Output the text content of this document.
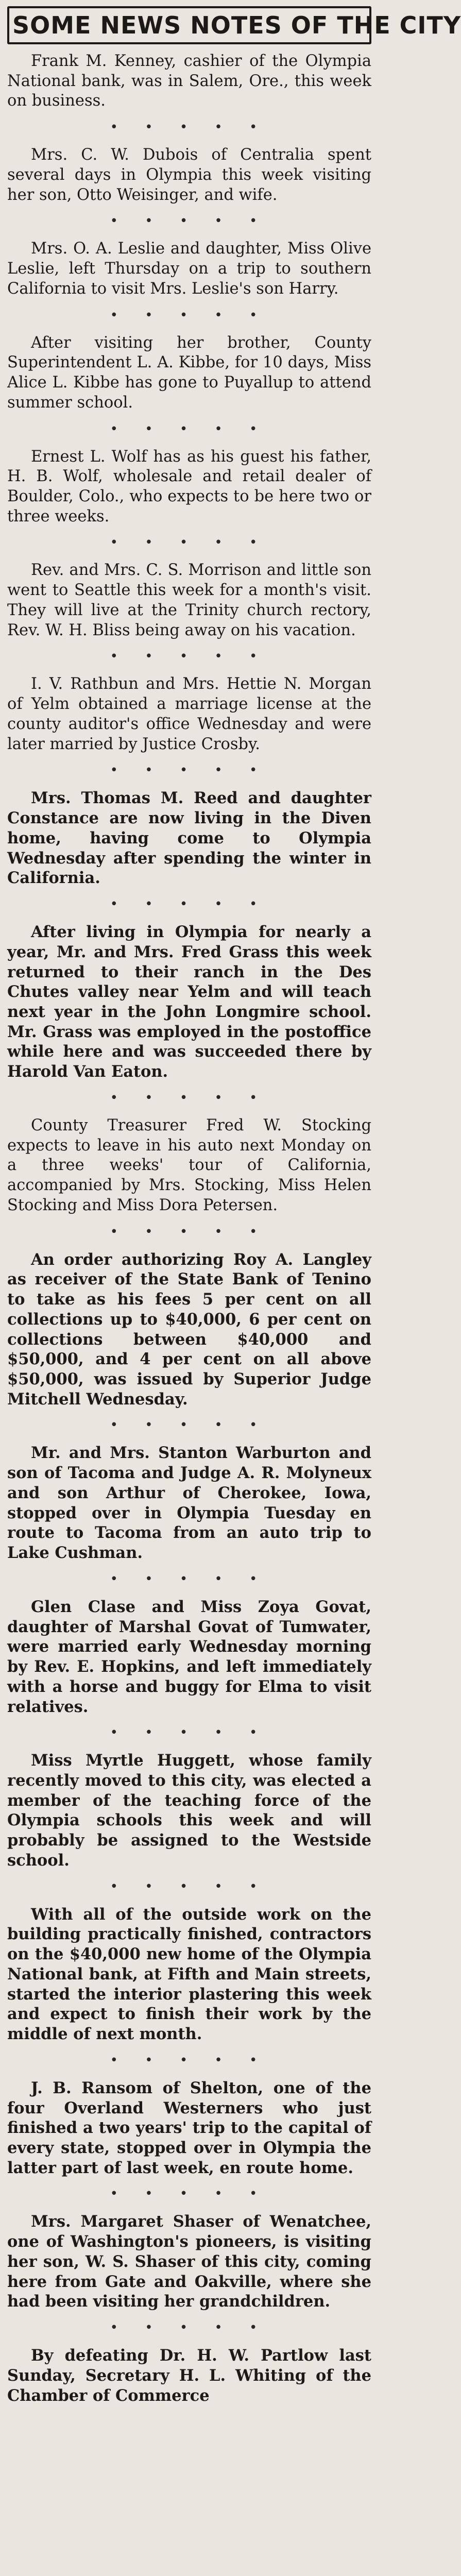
SOME NEWS NOTES OF THE CITY

Frank M. Kenney, cashier of the Olympia National bank, was in Salem, Ore., this week on business.

• • • • •

Mrs. C. W. Dubois of Centralia spent several days in Olympia this week visiting her son, Otto Weisinger, and wife.

• • • • •

Mrs. O. A. Leslie and daughter, Miss Olive Leslie, left Thursday on a trip to southern California to visit Mrs. Leslie's son Harry.

• • • • •

After visiting her brother, County Superintendent L. A. Kibbe, for 10 days, Miss Alice L. Kibbe has gone to Puyallup to attend summer school.

• • • • •

Ernest L. Wolf has as his guest his father, H. B. Wolf, wholesale and retail dealer of Boulder, Colo., who expects to be here two or three weeks.

• • • • •

Rev. and Mrs. C. S. Morrison and little son went to Seattle this week for a month's visit. They will live at the Trinity church rectory, Rev. W. H. Bliss being away on his vacation.

• • • • •

I. V. Rathbun and Mrs. Hettie N. Morgan of Yelm obtained a marriage license at the county auditor's office Wednesday and were later married by Justice Crosby.

• • • • •

Mrs. Thomas M. Reed and daughter Constance are now living in the Diven home, having come to Olympia Wednesday after spending the winter in California.

• • • • •

After living in Olympia for nearly a year, Mr. and Mrs. Fred Grass this week returned to their ranch in the Des Chutes valley near Yelm and will teach next year in the John Longmire school. Mr. Grass was employed in the postoffice while here and was succeeded there by Harold Van Eaton.

• • • • •

County Treasurer Fred W. Stocking expects to leave in his auto next Monday on a three weeks' tour of California, accompanied by Mrs. Stocking, Miss Helen Stocking and Miss Dora Petersen.

• • • • •

An order authorizing Roy A. Langley as receiver of the State Bank of Tenino to take as his fees 5 per cent on all collections up to $40,000, 6 per cent on collections between $40,000 and $50,000, and 4 per cent on all above $50,000, was issued by Superior Judge Mitchell Wednesday.

• • • • •

Mr. and Mrs. Stanton Warburton and son of Tacoma and Judge A. R. Molyneux and son Arthur of Cherokee, Iowa, stopped over in Olympia Tuesday en route to Tacoma from an auto trip to Lake Cushman.

• • • • •

Glen Clase and Miss Zoya Govat, daughter of Marshal Govat of Tumwater, were married early Wednesday morning by Rev. E. Hopkins, and left immediately with a horse and buggy for Elma to visit relatives.

• • • • •

Miss Myrtle Huggett, whose family recently moved to this city, was elected a member of the teaching force of the Olympia schools this week and will probably be assigned to the Westside school.

• • • • •

With all of the outside work on the building practically finished, contractors on the $40,000 new home of the Olympia National bank, at Fifth and Main streets, started the interior plastering this week and expect to finish their work by the middle of next month.

• • • • •

J. B. Ransom of Shelton, one of the four Overland Westerners who just finished a two years' trip to the capital of every state, stopped over in Olympia the latter part of last week, en route home.

• • • • •

Mrs. Margaret Shaser of Wenatchee, one of Washington's pioneers, is visiting her son, W. S. Shaser of this city, coming here from Gate and Oakville, where she had been visiting her grandchildren.

• • • • •

By defeating Dr. H. W. Partlow last Sunday, Secretary H. L. Whiting of the Chamber of Commerce
